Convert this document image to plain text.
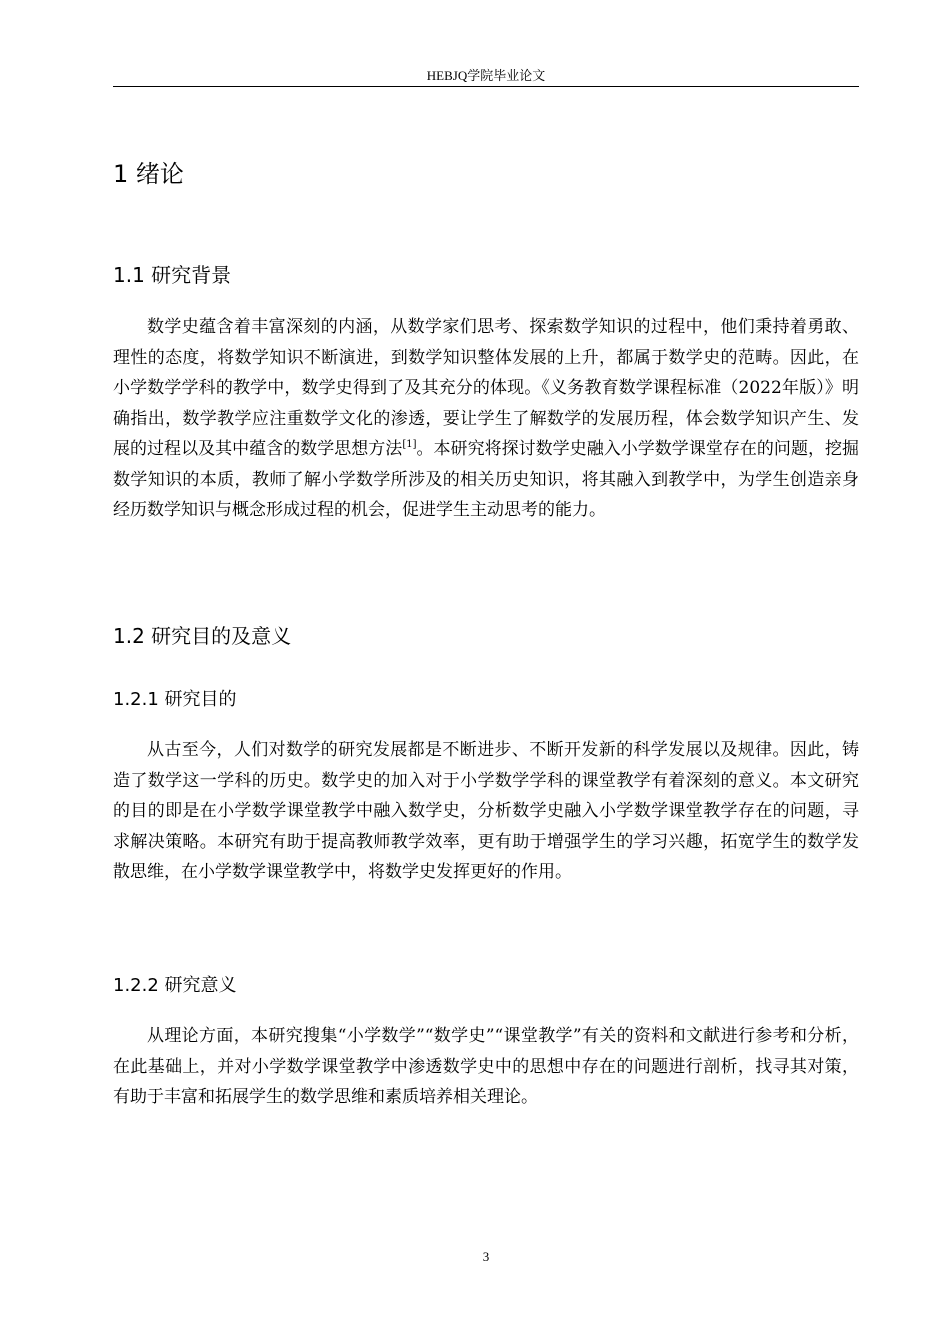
HEBJQ学院毕业论文
1 绪论
1.1 研究背景

数学史蕴含着丰富深刻的内涵，从数学家们思考、探索数学知识的过程中，他们秉持着勇敢、理性的态度，将数学知识不断演进，到数学知识整体发展的上升，都属于数学史的范畴。因此，在小学数学学科的教学中，数学史得到了及其充分的体现。《义务教育数学课程标准（2022年版）》明确指出，数学教学应注重数学文化的渗透，要让学生了解数学的发展历程，体会数学知识产生、发展的过程以及其中蕴含的数学思想方法[1]。本研究将探讨数学史融入小学数学课堂存在的问题，挖掘数学知识的本质，教师了解小学数学所涉及的相关历史知识，将其融入到教学中，为学生创造亲身经历数学知识与概念形成过程的机会，促进学生主动思考的能力。

1.2 研究目的及意义
1.2.1 研究目的

从古至今，人们对数学的研究发展都是不断进步、不断开发新的科学发展以及规律。因此，铸造了数学这一学科的历史。数学史的加入对于小学数学学科的课堂教学有着深刻的意义。本文研究的目的即是在小学数学课堂教学中融入数学史，分析数学史融入小学数学课堂教学存在的问题，寻求解决策略。本研究有助于提高教师教学效率，更有助于增强学生的学习兴趣，拓宽学生的数学发散思维，在小学数学课堂教学中，将数学史发挥更好的作用。

1.2.2 研究意义

从理论方面，本研究搜集“小学数学”“数学史”“课堂教学”有关的资料和文献进行参考和分析，在此基础上，并对小学数学课堂教学中渗透数学史中的思想中存在的问题进行剖析，找寻其对策，有助于丰富和拓展学生的数学思维和素质培养相关理论。

3
